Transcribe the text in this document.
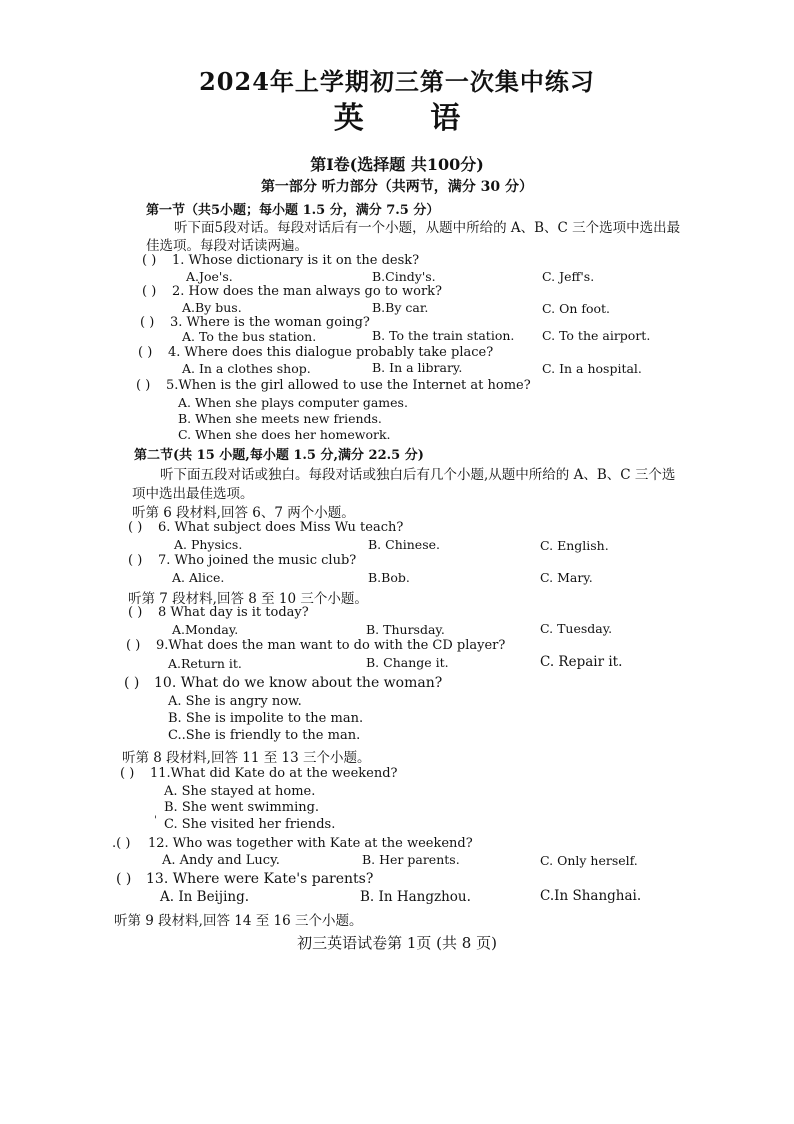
2024年上学期初三第一次集中练习
英 语
第Ⅰ卷(选择题 共100分)
第一部分 听力部分（共两节，满分 30 分）
第一节（共5小题；每小题 1.5 分，满分 7.5 分）
听下面5段对话。每段对话后有一个小题，从题中所给的 A、B、C 三个选项中选出最
佳选项。每段对话读两遍。
( ) 1. Whose dictionary is it on the desk?
A.Joe's.	B.Cindy's.	C. Jeff's.
( ) 2. How does the man always go to work?
A.By bus.	B.By car.	C. On foot.
( ) 3. Where is the woman going?
A. To the bus station.	B. To the train station. C. To the airport.
( ) 4. Where does this dialogue probably take place?
A. In a clothes shop.	B. In a library.	C. In a hospital.
( ) 5.When is the girl allowed to use the Internet at home?
A. When she plays computer games.
B. When she meets new friends.
C. When she does her homework.
第二节(共 15 小题,每小题 1.5 分,满分 22.5 分)
听下面五段对话或独白。每段对话或独白后有几个小题,从题中所给的 A、B、C 三个选
项中选出最佳选项。
听第 6 段材料,回答 6、7 两个小题。
( ) 6. What subject does Miss Wu teach?
A. Physics.	B. Chinese.	C. English.
( ) 7. Who joined the music club?
A. Alice.	B.Bob.	C. Mary.
听第 7 段材料,回答 8 至 10 三个小题。
( ) 8 What day is it today?
A.Monday.	B. Thursday.	C. Tuesday.
( ) 9.What does the man want to do with the CD player?
A.Return it.	B. Change it.	C. Repair it.
( ) 10. What do we know about the woman?
A. She is angry now.
B. She is impolite to the man.
C..She is friendly to the man.
听第 8 段材料,回答 11 至 13 三个小题。
( ) 11.What did Kate do at the weekend?
A. She stayed at home.
B. She went swimming.
' C. She visited her friends.
.( ) 12. Who was together with Kate at the weekend?
A. Andy and Lucy.	B. Her parents.	C. Only herself.
( ) 13. Where were Kate's parents?
A. In Beijing.	B. In Hangzhou.	C.In Shanghai.
听第 9 段材料,回答 14 至 16 三个小题。
初三英语试卷第 1页 (共 8 页)
